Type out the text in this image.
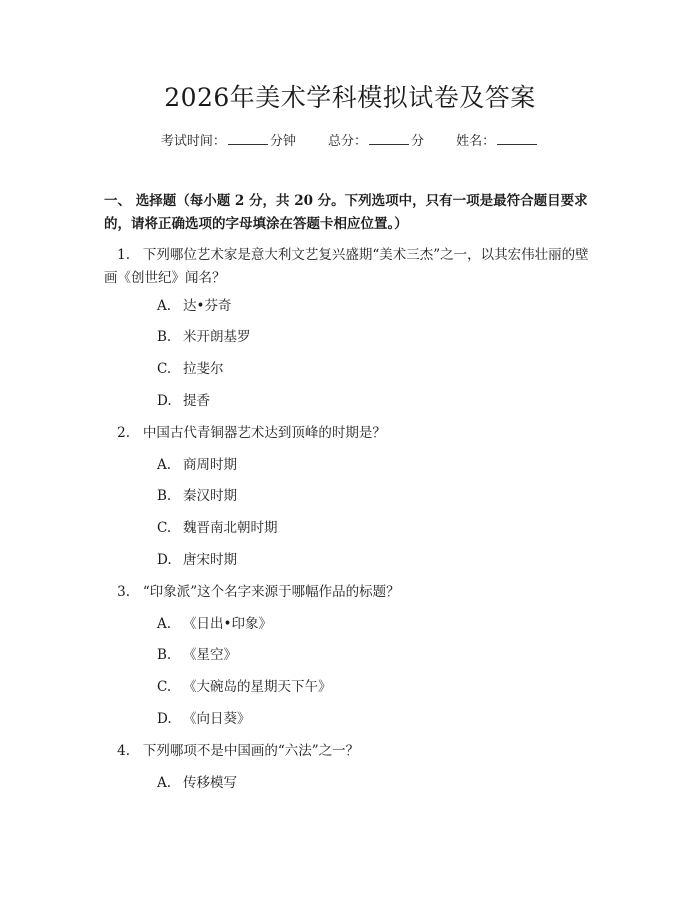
2026年美术学科模拟试卷及答案
考试时间：	分钟 总分：	分 姓名：
一、 选择题（每小题 2 分，共 20 分。下列选项中，只有一项是最符合题目要求的，请将正确选项的字母填涂在答题卡相应位置。）
1. 下列哪位艺术家是意大利文艺复兴盛期“美术三杰”之一，以其宏伟壮丽的壁画《创世纪》闻名？
A. 达•芬奇
B. 米开朗基罗
C. 拉斐尔
D. 提香
2. 中国古代青铜器艺术达到顶峰的时期是？
A. 商周时期
B. 秦汉时期
C. 魏晋南北朝时期
D. 唐宋时期
3. “印象派”这个名字来源于哪幅作品的标题？
A. 《日出•印象》
B. 《星空》
C. 《大碗岛的星期天下午》
D. 《向日葵》
4. 下列哪项不是中国画的“六法”之一？
A. 传移模写
